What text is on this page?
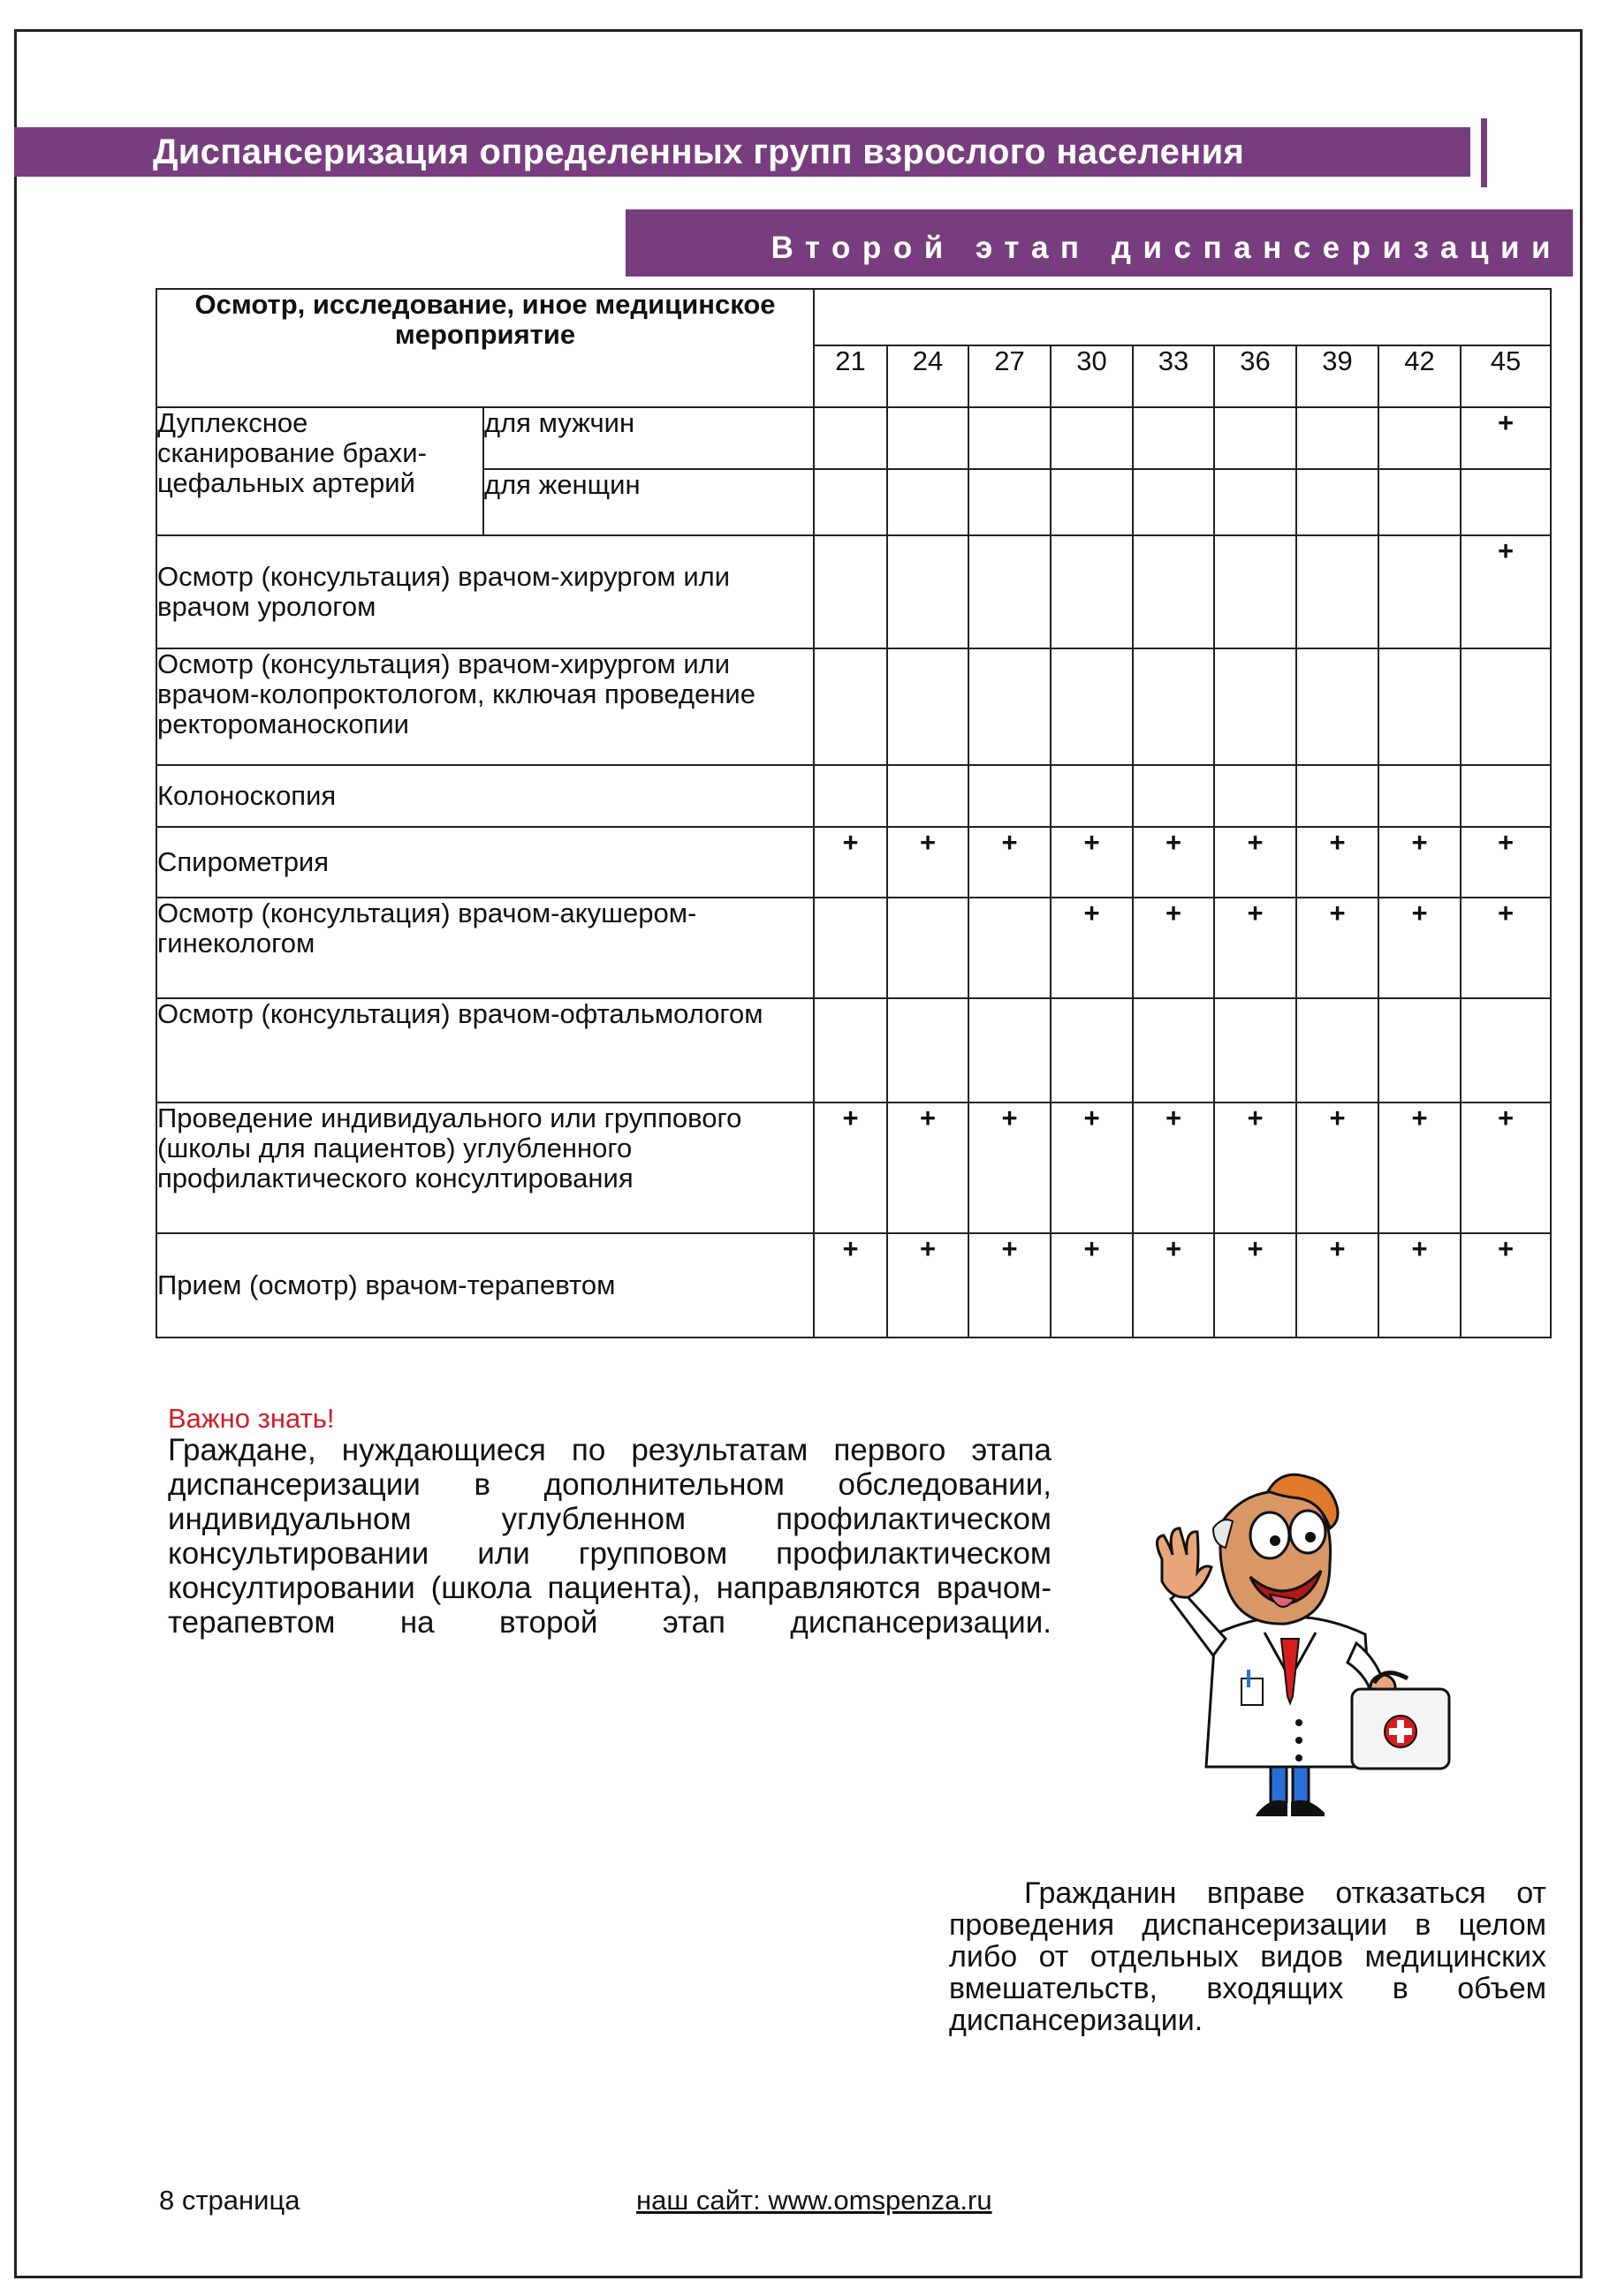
Диспансеризация определенных групп взрослого населения
Второй этап диспансеризации
Осмотр, исследование, иное медицинское мероприятие										
		21	24	27	30	33	36	39	42	45
Дуплексное сканирование брахи-цефальных артерий	для мужчин									+
	для женщин									
Осмотр (консультация) врачом-хирургом или врачом урологом										+
Осмотр (консультация) врачом-хирургом или врачом-колопроктологом, кключая проведение ректороманоскопии										
Колоноскопия										
Спирометрия		+	+	+	+	+	+	+	+	+
Осмотр (консультация) врачом-акушером-гинекологом					+	+	+	+	+	+
Осмотр (консультация) врачом-офтальмологом										
Проведение индивидуального или группового (школы для пациентов) углубленного профилактического консултирования		+	+	+	+	+	+	+	+	+
Прием (осмотр) врачом-терапевтом		+	+	+	+	+	+	+	+	+
Важно знать!
Граждане, нуждающиеся по результатам первого этапа диспансеризации в дополнительном обследовании, индивидуальном углубленном профилактическом консультировании или групповом профилактическом консултировании (школа пациента), направляются врачом-терапевтом на второй этап диспансеризации.
Гражданин вправе отказаться от проведения диспансеризации в целом либо от отдельных видов медицинских вмешательств, входящих в объем диспансеризации.
8 страница	наш сайт: www.omspenza.ru
